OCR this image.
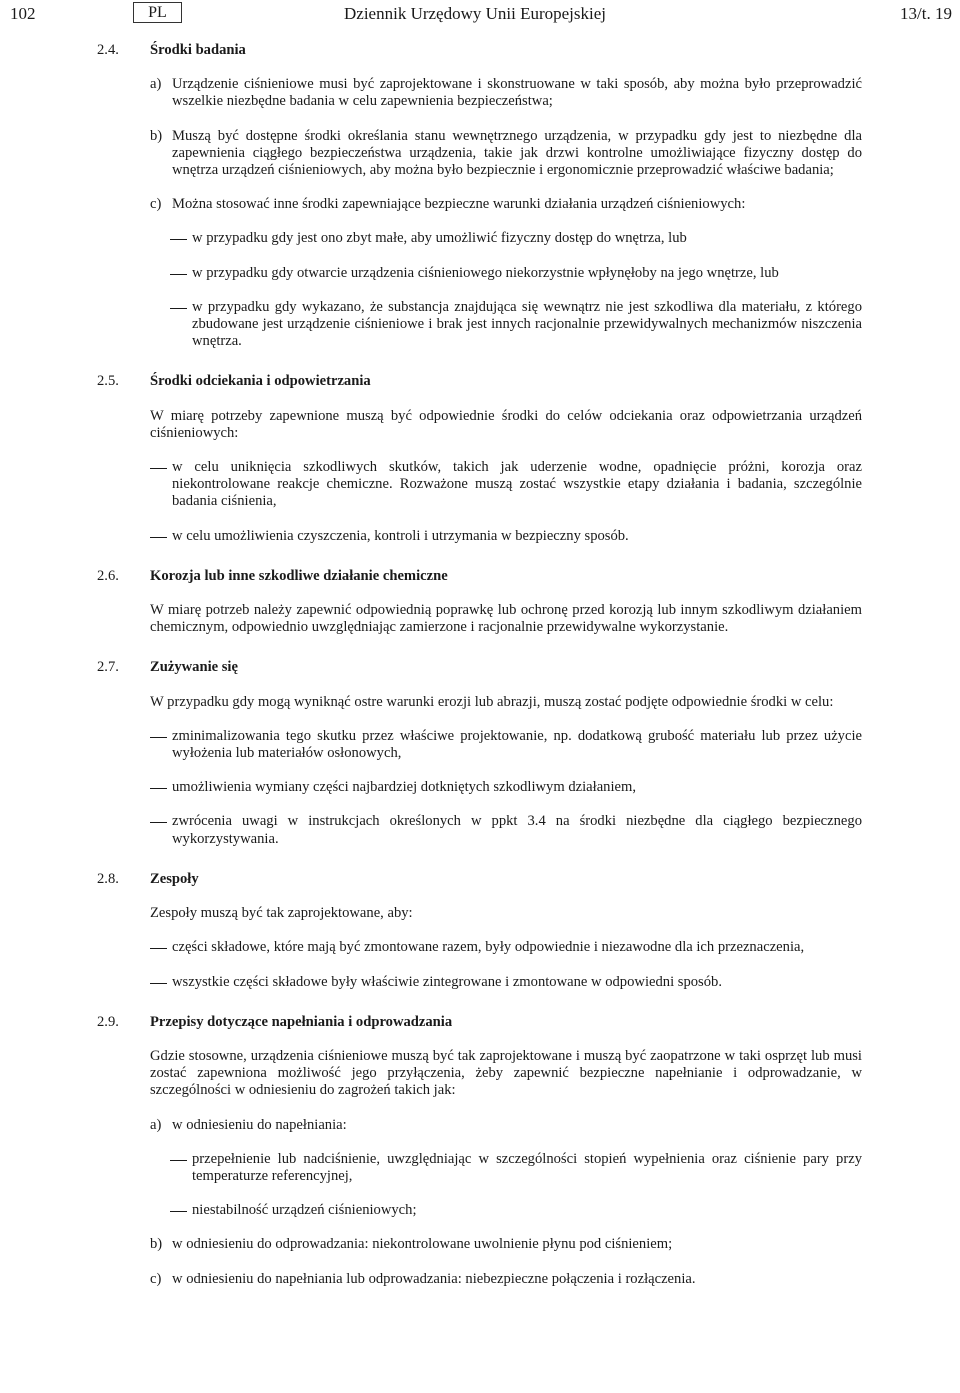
102	PL	Dziennik Urzędowy Unii Europejskiej	13/t. 19
2.4. Środki badania
a) Urządzenie ciśnieniowe musi być zaprojektowane i skonstruowane w taki sposób, aby można było przeprowadzić wszelkie niezbędne badania w celu zapewnienia bezpieczeństwa;
b) Muszą być dostępne środki określania stanu wewnętrznego urządzenia, w przypadku gdy jest to niezbędne dla zapewnienia ciągłego bezpieczeństwa urządzenia, takie jak drzwi kontrolne umożliwiające fizyczny dostęp do wnętrza urządzeń ciśnieniowych, aby można było bezpiecznie i ergonomicznie przeprowadzić właściwe badania;
c) Można stosować inne środki zapewniające bezpieczne warunki działania urządzeń ciśnieniowych:
w przypadku gdy jest ono zbyt małe, aby umożliwić fizyczny dostęp do wnętrza, lub
w przypadku gdy otwarcie urządzenia ciśnieniowego niekorzystnie wpłynęłoby na jego wnętrze, lub
w przypadku gdy wykazano, że substancja znajdująca się wewnątrz nie jest szkodliwa dla materiału, z którego zbudowane jest urządzenie ciśnieniowe i brak jest innych racjonalnie przewidywalnych mechanizmów niszczenia wnętrza.
2.5. Środki odciekania i odpowietrzania
W miarę potrzeby zapewnione muszą być odpowiednie środki do celów odciekania oraz odpowietrzania urządzeń ciśnieniowych:
w celu uniknięcia szkodliwych skutków, takich jak uderzenie wodne, opadnięcie próżni, korozja oraz niekontrolowane reakcje chemiczne. Rozważone muszą zostać wszystkie etapy działania i badania, szczególnie badania ciśnienia,
w celu umożliwienia czyszczenia, kontroli i utrzymania w bezpieczny sposób.
2.6. Korozja lub inne szkodliwe działanie chemiczne
W miarę potrzeb należy zapewnić odpowiednią poprawkę lub ochronę przed korozją lub innym szkodliwym działaniem chemicznym, odpowiednio uwzględniając zamierzone i racjonalnie przewidywalne wykorzystanie.
2.7. Zużywanie się
W przypadku gdy mogą wyniknąć ostre warunki erozji lub abrazji, muszą zostać podjęte odpowiednie środki w celu:
zminimalizowania tego skutku przez właściwe projektowanie, np. dodatkową grubość materiału lub przez użycie wyłożenia lub materiałów osłonowych,
umożliwienia wymiany części najbardziej dotkniętych szkodliwym działaniem,
zwrócenia uwagi w instrukcjach określonych w ppkt 3.4 na środki niezbędne dla ciągłego bezpiecznego wykorzystywania.
2.8. Zespoły
Zespoły muszą być tak zaprojektowane, aby:
części składowe, które mają być zmontowane razem, były odpowiednie i niezawodne dla ich przeznaczenia,
wszystkie części składowe były właściwie zintegrowane i zmontowane w odpowiedni sposób.
2.9. Przepisy dotyczące napełniania i odprowadzania
Gdzie stosowne, urządzenia ciśnieniowe muszą być tak zaprojektowane i muszą być zaopatrzone w taki osprzęt lub musi zostać zapewniona możliwość jego przyłączenia, żeby zapewnić bezpieczne napełnianie i odprowadzanie, w szczególności w odniesieniu do zagrożeń takich jak:
a) w odniesieniu do napełniania:
przepełnienie lub nadciśnienie, uwzględniając w szczególności stopień wypełnienia oraz ciśnienie pary przy temperaturze referencyjnej,
niestabilność urządzeń ciśnieniowych;
b) w odniesieniu do odprowadzania: niekontrolowane uwolnienie płynu pod ciśnieniem;
c) w odniesieniu do napełniania lub odprowadzania: niebezpieczne połączenia i rozłączenia.
